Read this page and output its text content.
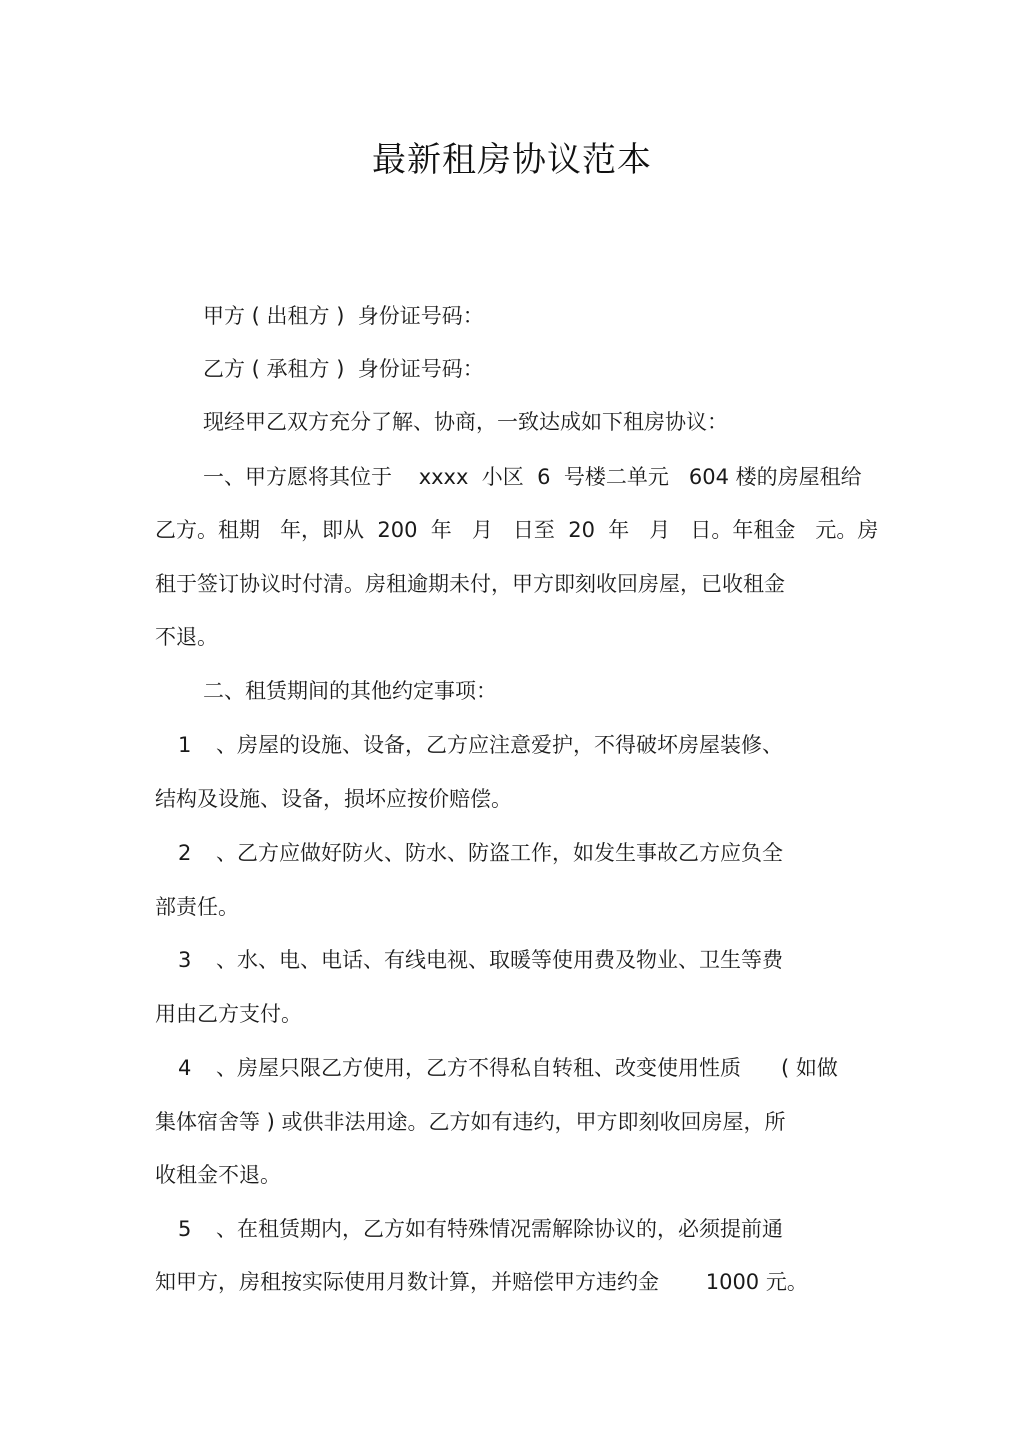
最新租房协议范本

甲方 ( 出租方 )  身份证号码：

乙方 ( 承租方 )  身份证号码：

现经甲乙双方充分了解、协商，一致达成如下租房协议：

一、甲方愿将其位于    xxxx  小区  6  号楼二单元   604 楼的房屋租给

乙方。租期   年，即从  200  年   月   日至  20  年   月   日。年租金   元。房

租于签订协议时付清。房租逾期未付，甲方即刻收回房屋，已收租金

不退。

二、租赁期间的其他约定事项：

1 、房屋的设施、设备，乙方应注意爱护，不得破坏房屋装修、

结构及设施、设备，损坏应按价赔偿。

2 、乙方应做好防火、防水、防盗工作，如发生事故乙方应负全

部责任。

3 、水、电、电话、有线电视、取暖等使用费及物业、卫生等费

用由乙方支付。

4 、房屋只限乙方使用，乙方不得私自转租、改变使用性质      ( 如做

集体宿舍等 ) 或供非法用途。乙方如有违约，甲方即刻收回房屋，所

收租金不退。

5 、在租赁期内，乙方如有特殊情况需解除协议的，必须提前通

知甲方，房租按实际使用月数计算，并赔偿甲方违约金       1000 元。
